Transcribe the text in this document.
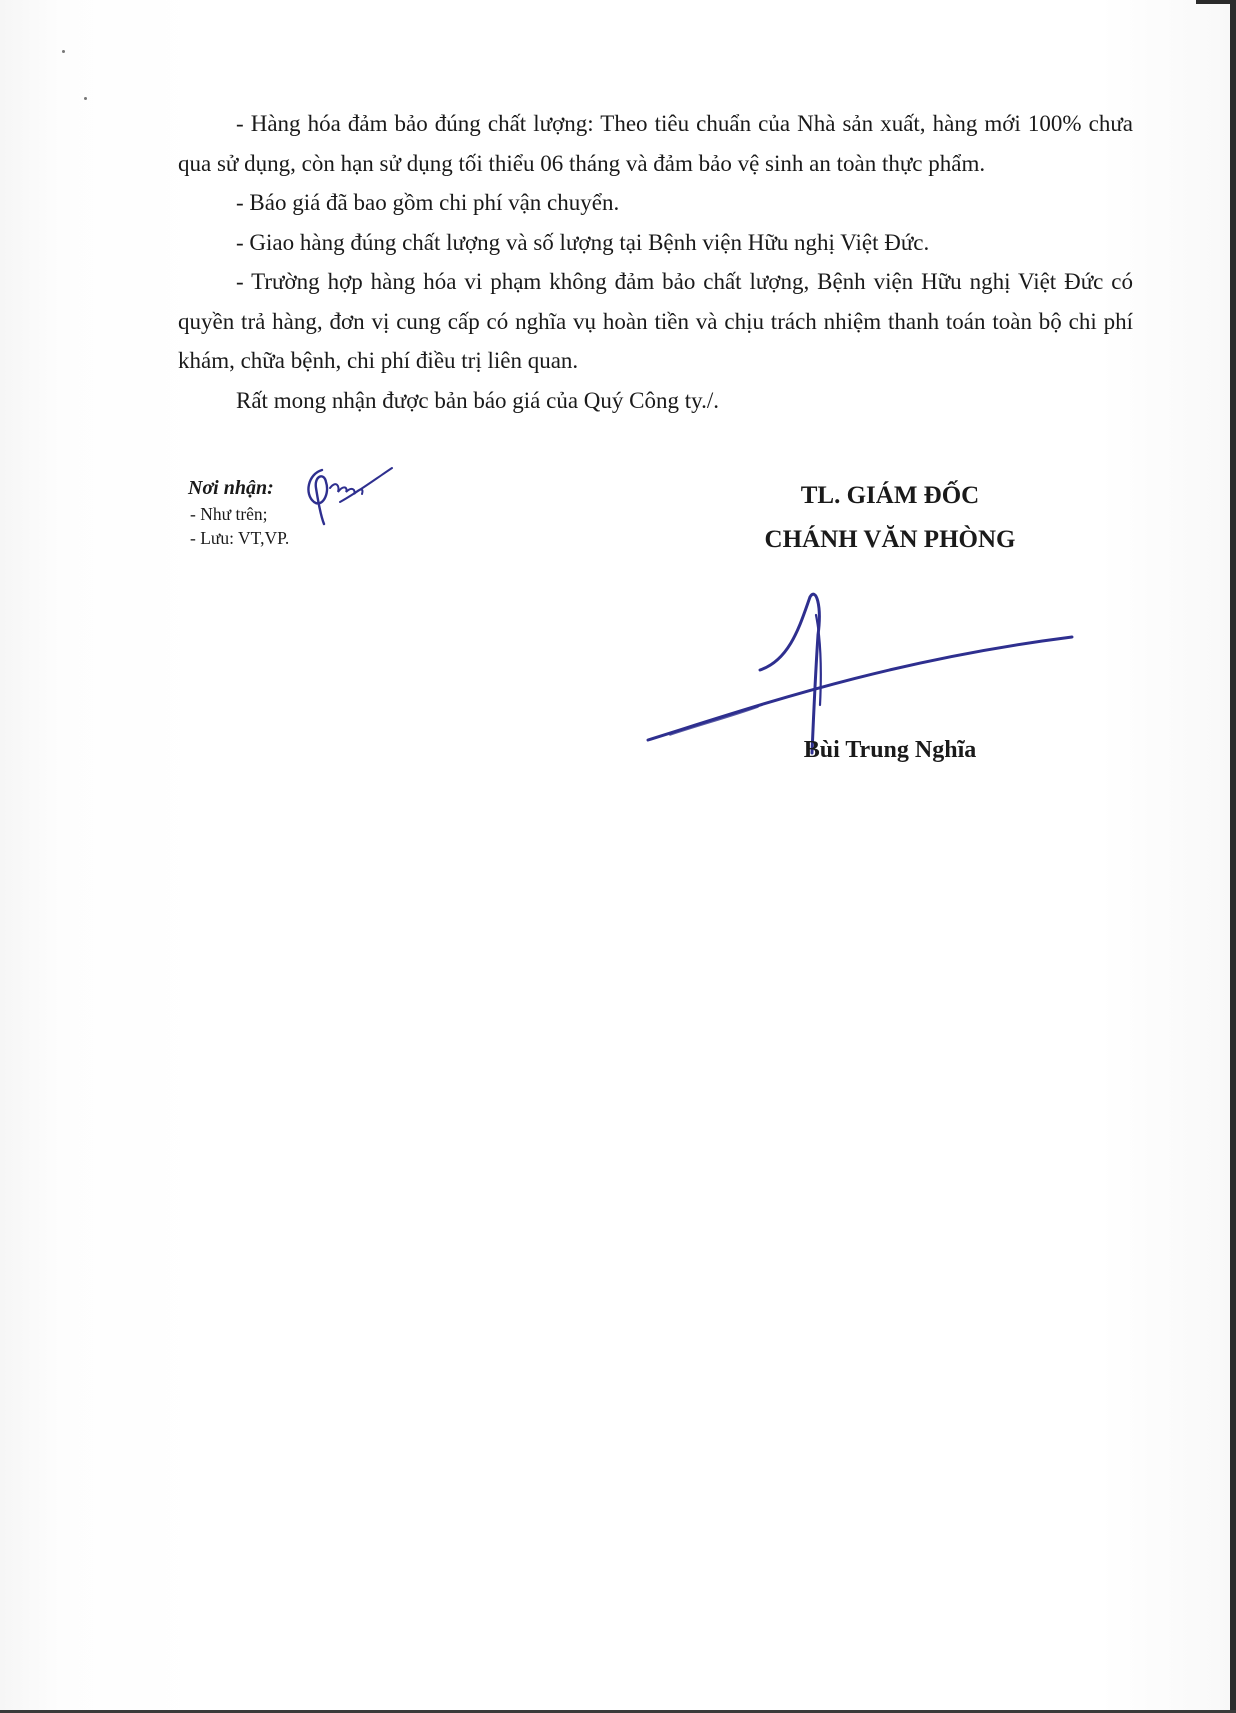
- Hàng hóa đảm bảo đúng chất lượng: Theo tiêu chuẩn của Nhà sản xuất, hàng mới 100% chưa qua sử dụng, còn hạn sử dụng tối thiểu 06 tháng và đảm bảo vệ sinh an toàn thực phẩm.

- Báo giá đã bao gồm chi phí vận chuyển.

- Giao hàng đúng chất lượng và số lượng tại Bệnh viện Hữu nghị Việt Đức.

- Trường hợp hàng hóa vi phạm không đảm bảo chất lượng, Bệnh viện Hữu nghị Việt Đức có quyền trả hàng, đơn vị cung cấp có nghĩa vụ hoàn tiền và chịu trách nhiệm thanh toán toàn bộ chi phí khám, chữa bệnh, chi phí điều trị liên quan.

Rất mong nhận được bản báo giá của Quý Công ty./.

Nơi nhận:
- Như trên;
- Lưu: VT,VP.
TL. GIÁM ĐỐC
CHÁNH VĂN PHÒNG
Bùi Trung Nghĩa
